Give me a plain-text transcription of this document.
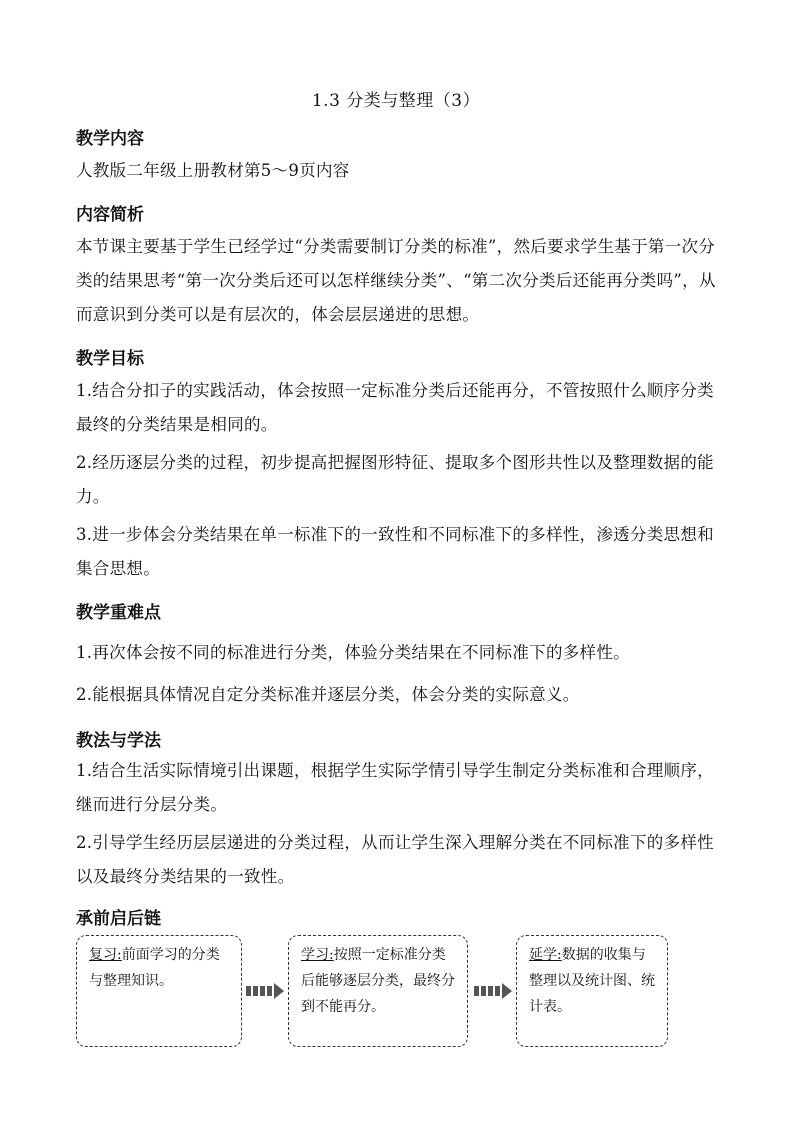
1.3 分类与整理（3）
教学内容
人教版二年级上册教材第5～9页内容
内容简析
本节课主要基于学生已经学过“分类需要制订分类的标准”，然后要求学生基于第一次分类的结果思考“第一次分类后还可以怎样继续分类”、“第二次分类后还能再分类吗”，从而意识到分类可以是有层次的，体会层层递进的思想。
教学目标
1.结合分扣子的实践活动，体会按照一定标准分类后还能再分，不管按照什么顺序分类最终的分类结果是相同的。
2.经历逐层分类的过程，初步提高把握图形特征、提取多个图形共性以及整理数据的能力。
3.进一步体会分类结果在单一标准下的一致性和不同标准下的多样性，渗透分类思想和集合思想。
教学重难点
1.再次体会按不同的标准进行分类，体验分类结果在不同标准下的多样性。
2.能根据具体情况自定分类标准并逐层分类，体会分类的实际意义。
教法与学法
1.结合生活实际情境引出课题，根据学生实际学情引导学生制定分类标准和合理顺序，继而进行分层分类。
2.引导学生经历层层递进的分类过程，从而让学生深入理解分类在不同标准下的多样性以及最终分类结果的一致性。
承前启后链
复习:前面学习的分类与整理知识。
学习:按照一定标准分类后能够逐层分类，最终分到不能再分。
延学:数据的收集与整理以及统计图、统计表。
